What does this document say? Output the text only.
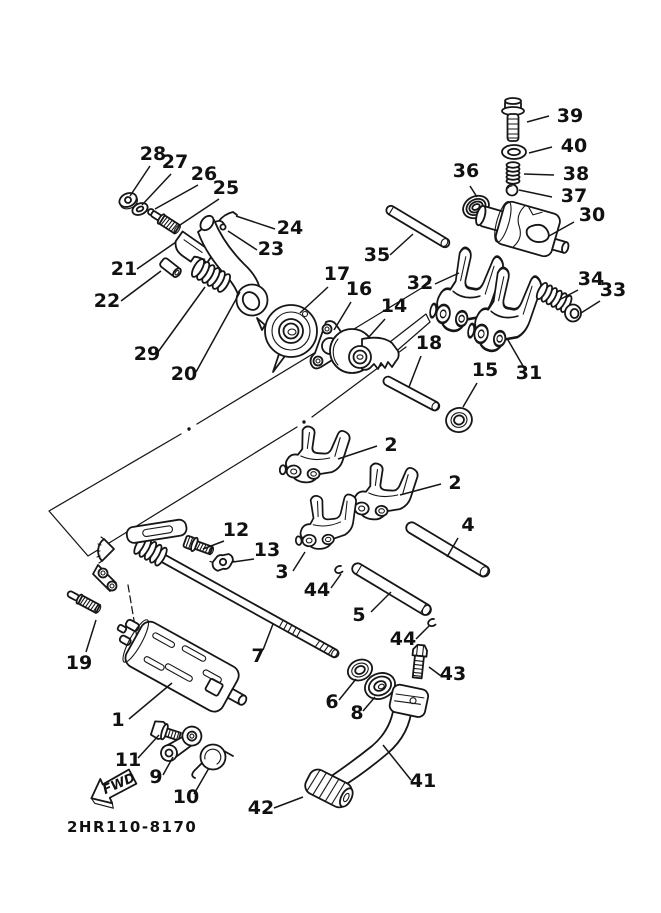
FWD
2HR110-8170
39
40
38
37
36
30
35
32	34
33
31
28
27
26
25
24
23
21
22
29
20
17
16
14
18
15
2
2
4
3
44
5
44
12
13
19	7
1
11
9
10
6 8
43
41
42
